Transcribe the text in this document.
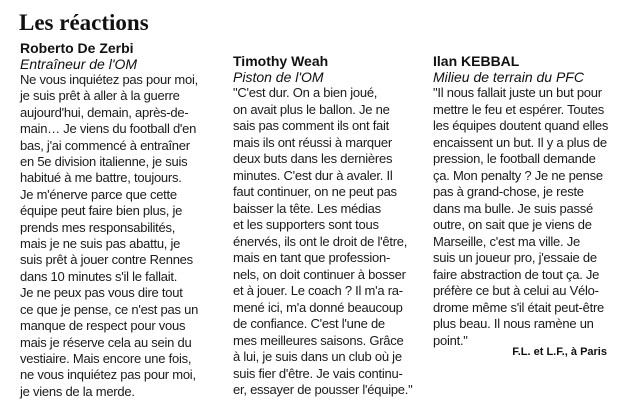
Les réactions
Roberto De Zerbi
Entraîneur de l'OM
Ne vous inquiétez pas pour moi,
je suis prêt à aller à la guerre
aujourd'hui, demain, après-de-
main… Je viens du football d'en
bas, j'ai commencé à entraîner
en 5e division italienne, je suis
habitué à me battre, toujours.
Je m'énerve parce que cette
équipe peut faire bien plus, je
prends mes responsabilités,
mais je ne suis pas abattu, je
suis prêt à jouer contre Rennes
dans 10 minutes s'il le fallait.
Je ne peux pas vous dire tout
ce que je pense, ce n'est pas un
manque de respect pour vous
mais je réserve cela au sein du
vestiaire. Mais encore une fois,
ne vous inquiétez pas pour moi,
je viens de la merde.
Timothy Weah
Piston de l'OM
"C'est dur. On a bien joué,
on avait plus le ballon. Je ne
sais pas comment ils ont fait
mais ils ont réussi à marquer
deux buts dans les dernières
minutes. C'est dur à avaler. Il
faut continuer, on ne peut pas
baisser la tête. Les médias
et les supporters sont tous
énervés, ils ont le droit de l'être,
mais en tant que profession-
nels, on doit continuer à bosser
et à jouer. Le coach ? Il m'a ra-
mené ici, m'a donné beaucoup
de confiance. C'est l'une de
mes meilleures saisons. Grâce
à lui, je suis dans un club où je
suis fier d'être. Je vais continu-
er, essayer de pousser l'équipe."
Ilan KEBBAL
Milieu de terrain du PFC
"Il nous fallait juste un but pour
mettre le feu et espérer. Toutes
les équipes doutent quand elles
encaissent un but. Il y a plus de
pression, le football demande
ça. Mon penalty ? Je ne pense
pas à grand-chose, je reste
dans ma bulle. Je suis passé
outre, on sait que je viens de
Marseille, c'est ma ville. Je
suis un joueur pro, j'essaie de
faire abstraction de tout ça. Je
préfère ce but à celui au Vélo-
drome même s'il était peut-être
plus beau. Il nous ramène un
point."
F.L. et L.F., à Paris
